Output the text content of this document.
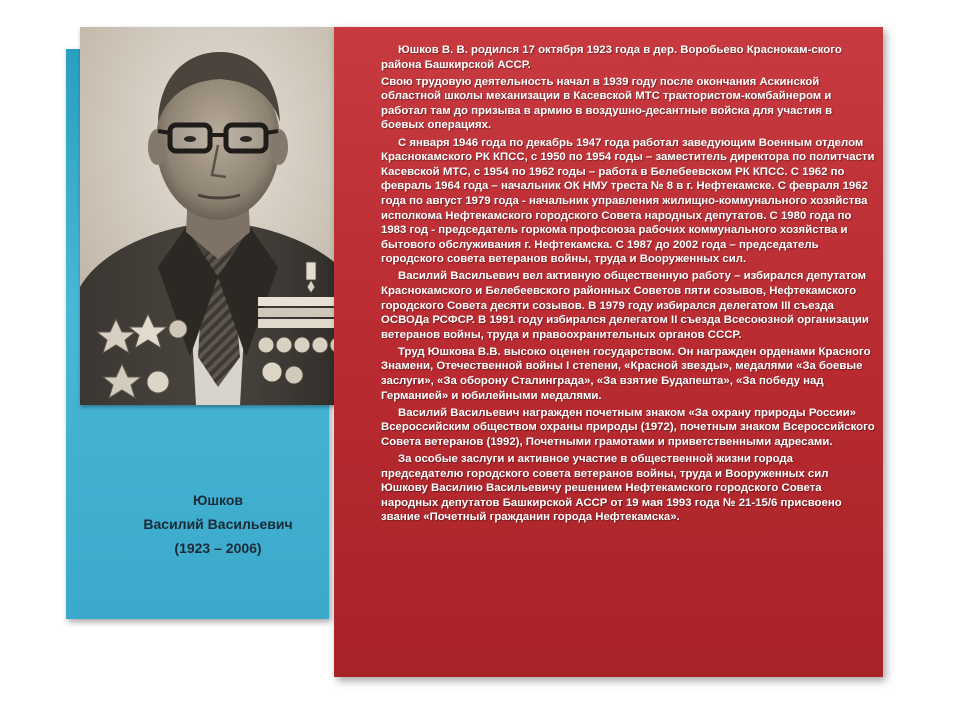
Юшков
Василий Васильевич
(1923 – 2006)

Юшков В. В. родился 17 октября 1923 года в дер. Воробьево Краснокам-ского района Башкирской АССР.

Свою трудовую деятельность начал в 1939 году после окончания Аскинской областной школы механизации в Касевской МТС трактористом-комбайнером и работал там до призыва в армию в воздушно-десантные войска для участия в боевых операциях.

С января 1946 года по декабрь 1947 года работал заведующим Военным отделом Краснокамского РК КПСС, с 1950 по 1954 годы – заместитель директора по политчасти Касевской МТС, с 1954 по 1962 годы – работа в Белебеевском РК КПСС. С 1962 по февраль 1964 года – начальник ОК НМУ треста № 8 в г. Нефтекамске. С февраля 1962 года по август 1979 года - начальник управления жилищно-коммунального хозяйства исполкома Нефтекамского городского Совета народных депутатов. С 1980 года по 1983 год - председатель горкома профсоюза рабочих коммунального хозяйства и бытового обслуживания г. Нефтекамска. С 1987 до 2002 года – председатель городского совета ветеранов войны, труда и Вооруженных сил.

Василий Васильевич вел активную общественную работу – избирался депутатом Краснокамского и Белебеевского районных Советов пяти созывов, Нефтекамского городского Совета десяти созывов. В 1979 году избирался делегатом III съезда ОСВОДа РСФСР. В 1991 году избирался делегатом II съезда Всесоюзной организации ветеранов войны, труда и правоохранительных органов СССР.

Труд Юшкова В.В. высоко оценен государством. Он награжден орденами Красного Знамени, Отечественной войны I степени, «Красной звезды», медалями «За боевые заслуги», «За оборону Сталинграда», «За взятие Будапешта», «За победу над Германией» и юбилейными медалями.

Василий Васильевич награжден почетным знаком «За охрану природы России» Всероссийским обществом охраны природы (1972), почетным знаком Всероссийского Совета ветеранов (1992), Почетными грамотами и приветственными адресами.

За особые заслуги и активное участие в общественной жизни города председателю городского совета ветеранов войны, труда и Вооруженных сил Юшкову Василию Васильевичу решением Нефтекамского городского Совета народных депутатов Башкирской АССР от 19 мая 1993 года № 21-15/6 присвоено звание «Почетный гражданин города Нефтекамска».
